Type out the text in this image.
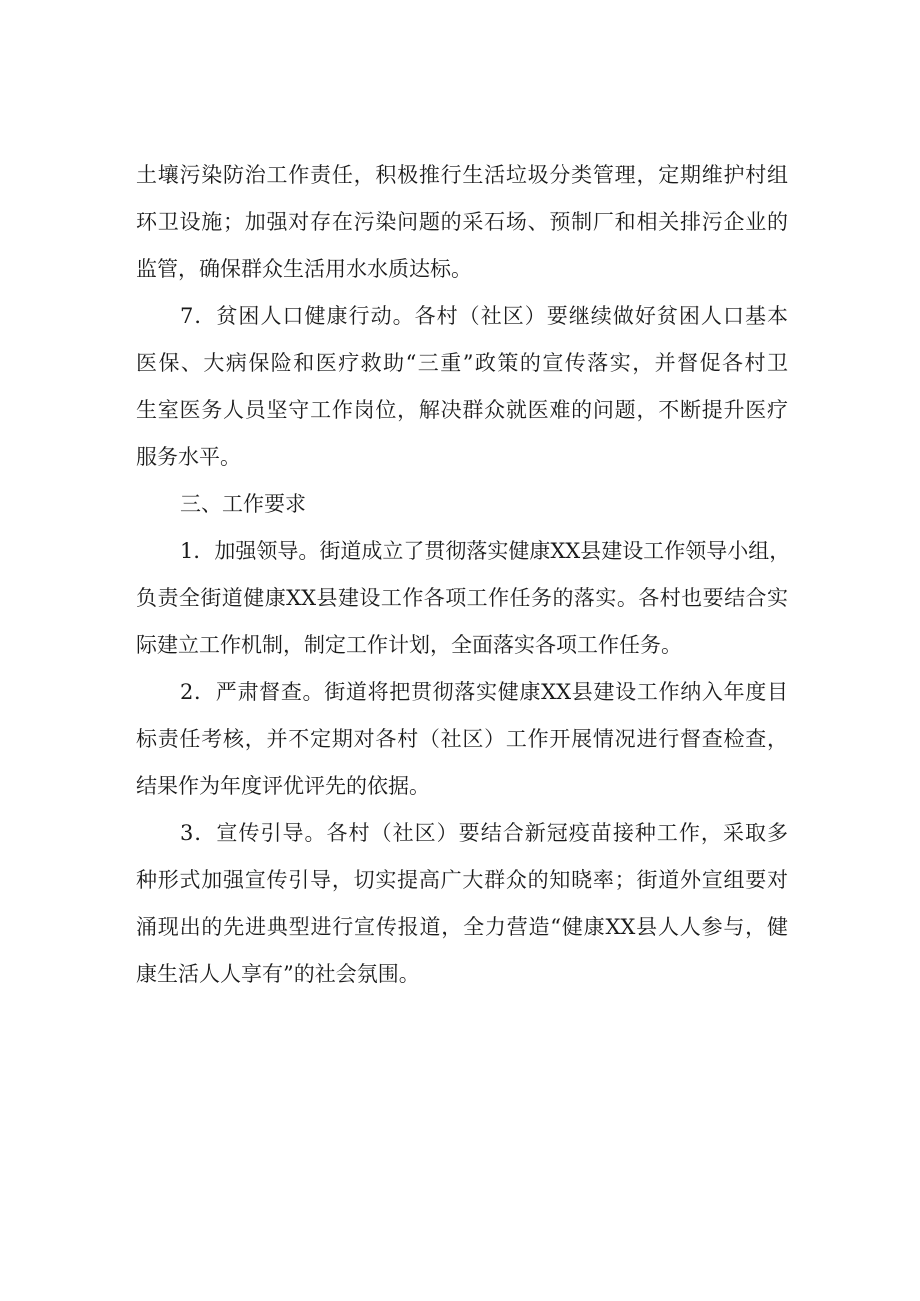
土壤污染防治工作责任，积极推行生活垃圾分类管理，定期维护村组
环卫设施；加强对存在污染问题的采石场、预制厂和相关排污企业的
监管，确保群众生活用水水质达标。
7．贫困人口健康行动。各村（社区）要继续做好贫困人口基本
医保、大病保险和医疗救助“三重”政策的宣传落实，并督促各村卫
生室医务人员坚守工作岗位，解决群众就医难的问题，不断提升医疗
服务水平。
三、工作要求
1．加强领导。街道成立了贯彻落实健康XX县建设工作领导小组，
负责全街道健康XX县建设工作各项工作任务的落实。各村也要结合实
际建立工作机制，制定工作计划，全面落实各项工作任务。
2．严肃督查。街道将把贯彻落实健康XX县建设工作纳入年度目
标责任考核，并不定期对各村（社区）工作开展情况进行督查检查，
结果作为年度评优评先的依据。
3．宣传引导。各村（社区）要结合新冠疫苗接种工作，采取多
种形式加强宣传引导，切实提高广大群众的知晓率；街道外宣组要对
涌现出的先进典型进行宣传报道，全力营造“健康XX县人人参与，健
康生活人人享有”的社会氛围。
